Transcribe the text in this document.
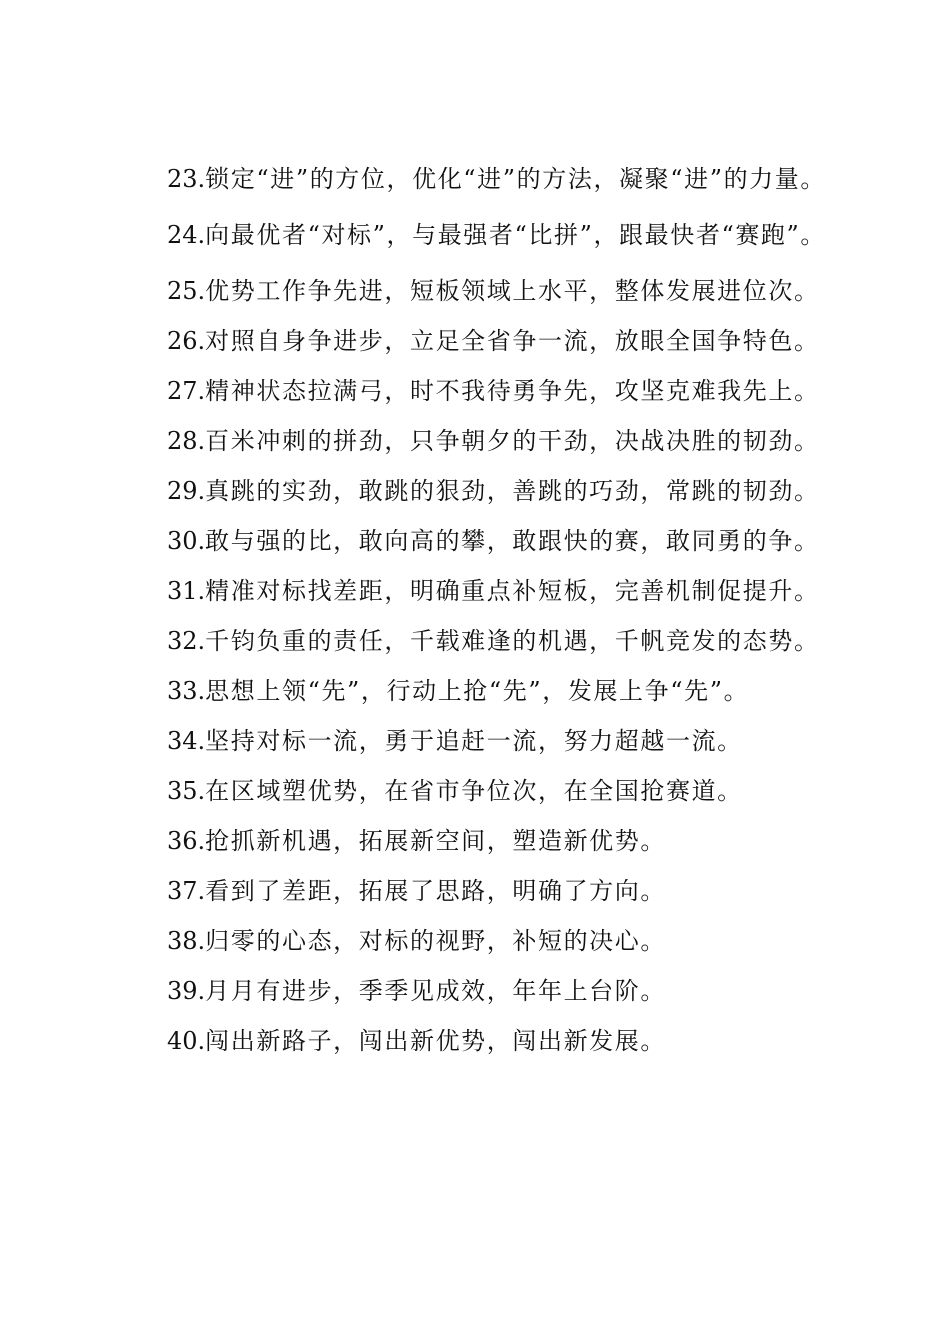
23.锁定“进”的方位，优化“进”的方法，凝聚“进”的力量。

24.向最优者“对标”，与最强者“比拼”，跟最快者“赛跑”。

25.优势工作争先进，短板领域上水平，整体发展进位次。

26.对照自身争进步，立足全省争一流，放眼全国争特色。

27.精神状态拉满弓，时不我待勇争先，攻坚克难我先上。

28.百米冲刺的拼劲，只争朝夕的干劲，决战决胜的韧劲。

29.真跳的实劲，敢跳的狠劲，善跳的巧劲，常跳的韧劲。

30.敢与强的比，敢向高的攀，敢跟快的赛，敢同勇的争。

31.精准对标找差距，明确重点补短板，完善机制促提升。

32.千钧负重的责任，千载难逢的机遇，千帆竞发的态势。

33.思想上领“先”，行动上抢“先”，发展上争“先”。

34.坚持对标一流，勇于追赶一流，努力超越一流。

35.在区域塑优势，在省市争位次，在全国抢赛道。

36.抢抓新机遇，拓展新空间，塑造新优势。

37.看到了差距，拓展了思路，明确了方向。

38.归零的心态，对标的视野，补短的决心。

39.月月有进步，季季见成效，年年上台阶。

40.闯出新路子，闯出新优势，闯出新发展。
